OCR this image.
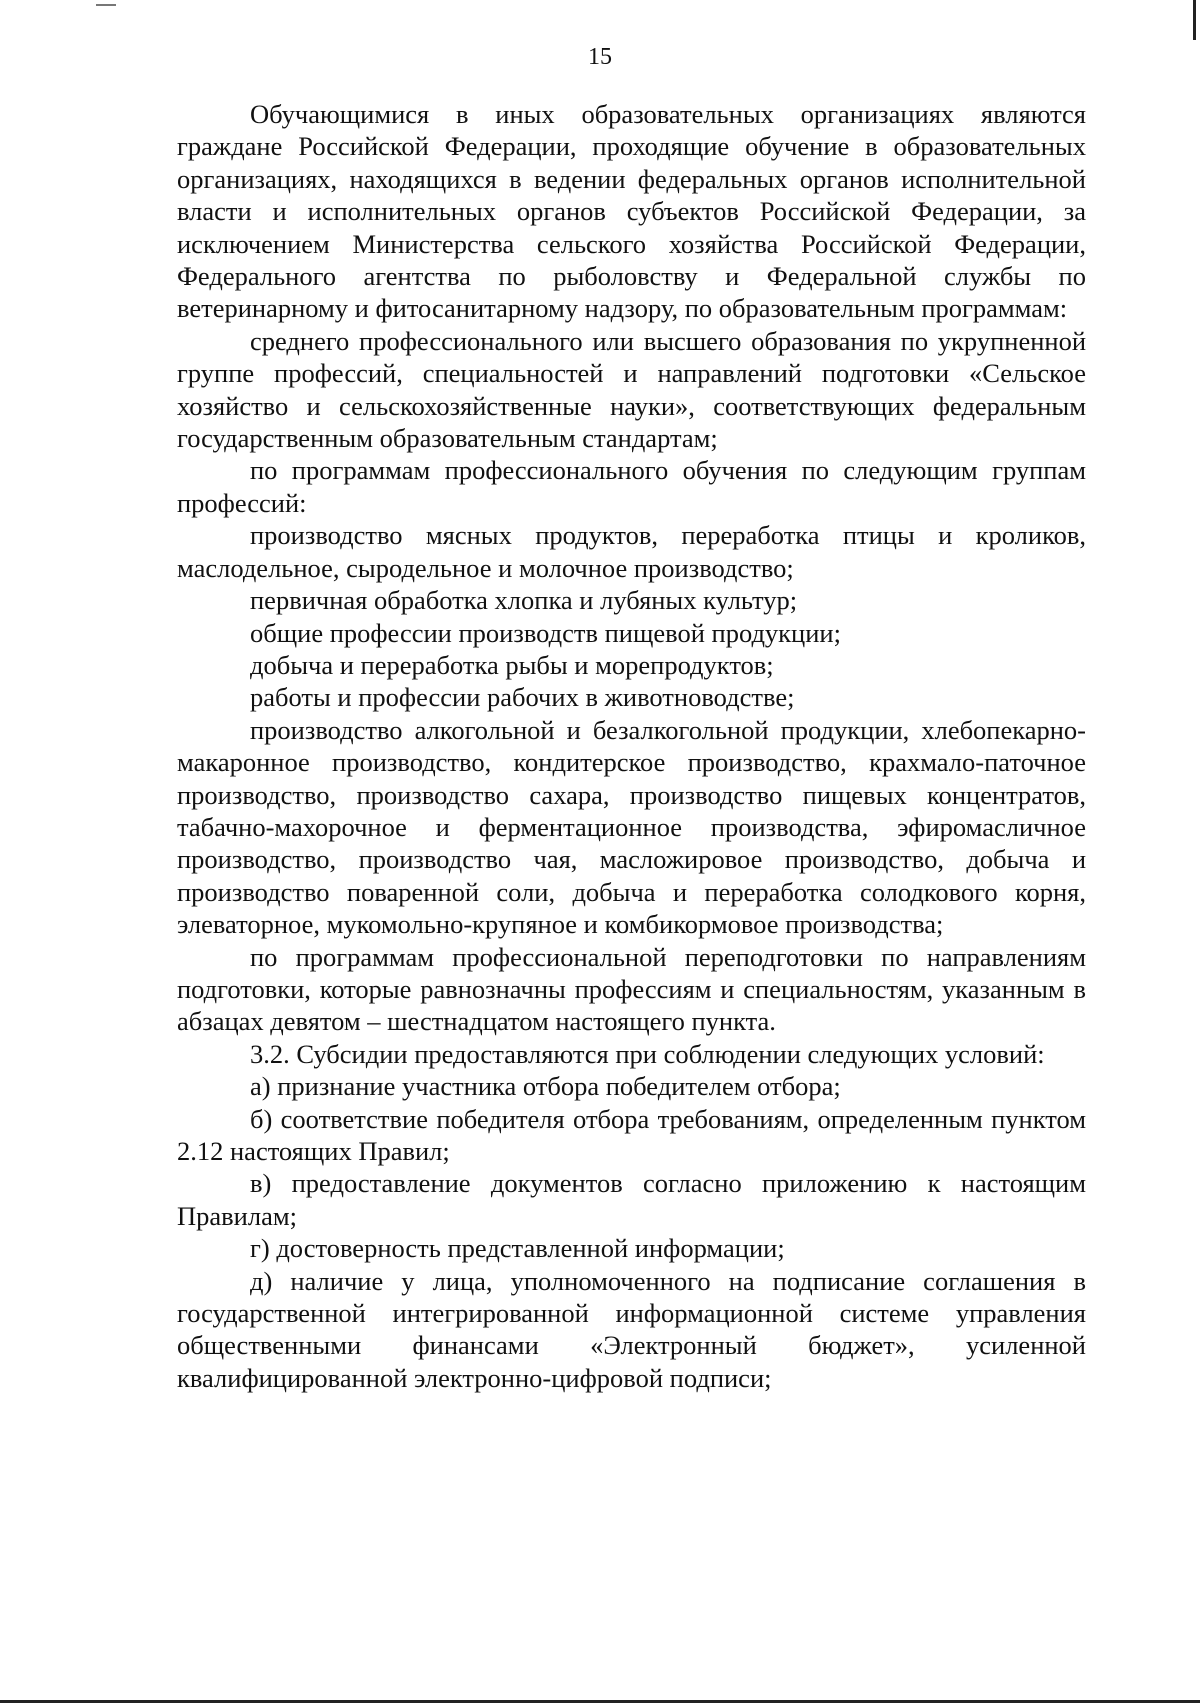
15

Обучающимися в иных образовательных организациях являются граждане Российской Федерации, проходящие обучение в образовательных организациях, находящихся в ведении федеральных органов исполнительной власти и исполнительных органов субъектов Российской Федерации, за исключением Министерства сельского хозяйства Российской Федерации, Федерального агентства по рыболовству и Федеральной службы по ветеринарному и фитосанитарному надзору, по образовательным программам:

среднего профессионального или высшего образования по укрупненной группе профессий, специальностей и направлений подготовки «Сельское хозяйство и сельскохозяйственные науки», соответствующих федеральным государственным образовательным стандартам;

по программам профессионального обучения по следующим группам профессий:

производство мясных продуктов, переработка птицы и кроликов, маслодельное, сыродельное и молочное производство;

первичная обработка хлопка и лубяных культур;

общие профессии производств пищевой продукции;

добыча и переработка рыбы и морепродуктов;

работы и профессии рабочих в животноводстве;

производство алкогольной и безалкогольной продукции, хлебопекарно-макаронное производство, кондитерское производство, крахмало-паточное производство, производство сахара, производство пищевых концентратов, табачно-махорочное и ферментационное производства, эфиромасличное производство, производство чая, масложировое производство, добыча и производство поваренной соли, добыча и переработка солодкового корня, элеваторное, мукомольно-крупяное и комбикормовое производства;

по программам профессиональной переподготовки по направлениям подготовки, которые равнозначны профессиям и специальностям, указанным в абзацах девятом – шестнадцатом настоящего пункта.

3.2. Субсидии предоставляются при соблюдении следующих условий:

а) признание участника отбора победителем отбора;

б) соответствие победителя отбора требованиям, определенным пунктом 2.12 настоящих Правил;

в) предоставление документов согласно приложению к настоящим Правилам;

г) достоверность представленной информации;

д) наличие у лица, уполномоченного на подписание соглашения в государственной интегрированной информационной системе управления общественными финансами «Электронный бюджет», усиленной квалифицированной электронно-цифровой подписи;
